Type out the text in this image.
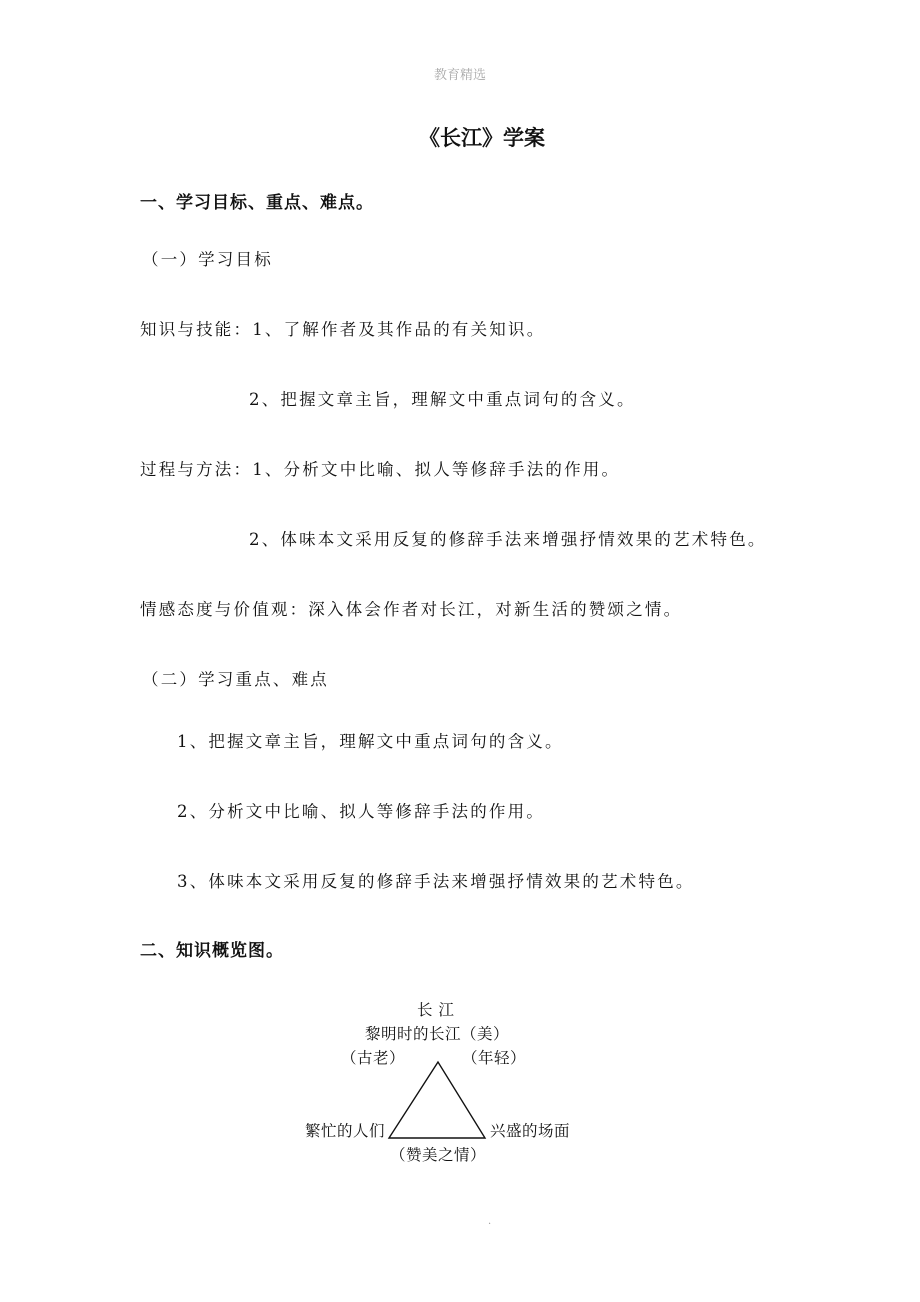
教育精选
《长江》学案
一、学习目标、重点、难点。
（一）学习目标
知识与技能：1、了解作者及其作品的有关知识。
2、把握文章主旨，理解文中重点词句的含义。
过程与方法：1、分析文中比喻、拟人等修辞手法的作用。
2、体味本文采用反复的修辞手法来增强抒情效果的艺术特色。
情感态度与价值观：深入体会作者对长江，对新生活的赞颂之情。
（二）学习重点、难点
1、把握文章主旨，理解文中重点词句的含义。
2、分析文中比喻、拟人等修辞手法的作用。
3、体味本文采用反复的修辞手法来增强抒情效果的艺术特色。
二、知识概览图。
长 江
黎明时的长江（美）
（古老）	（年轻）
繁忙的人们	兴盛的场面
（赞美之情）
.
